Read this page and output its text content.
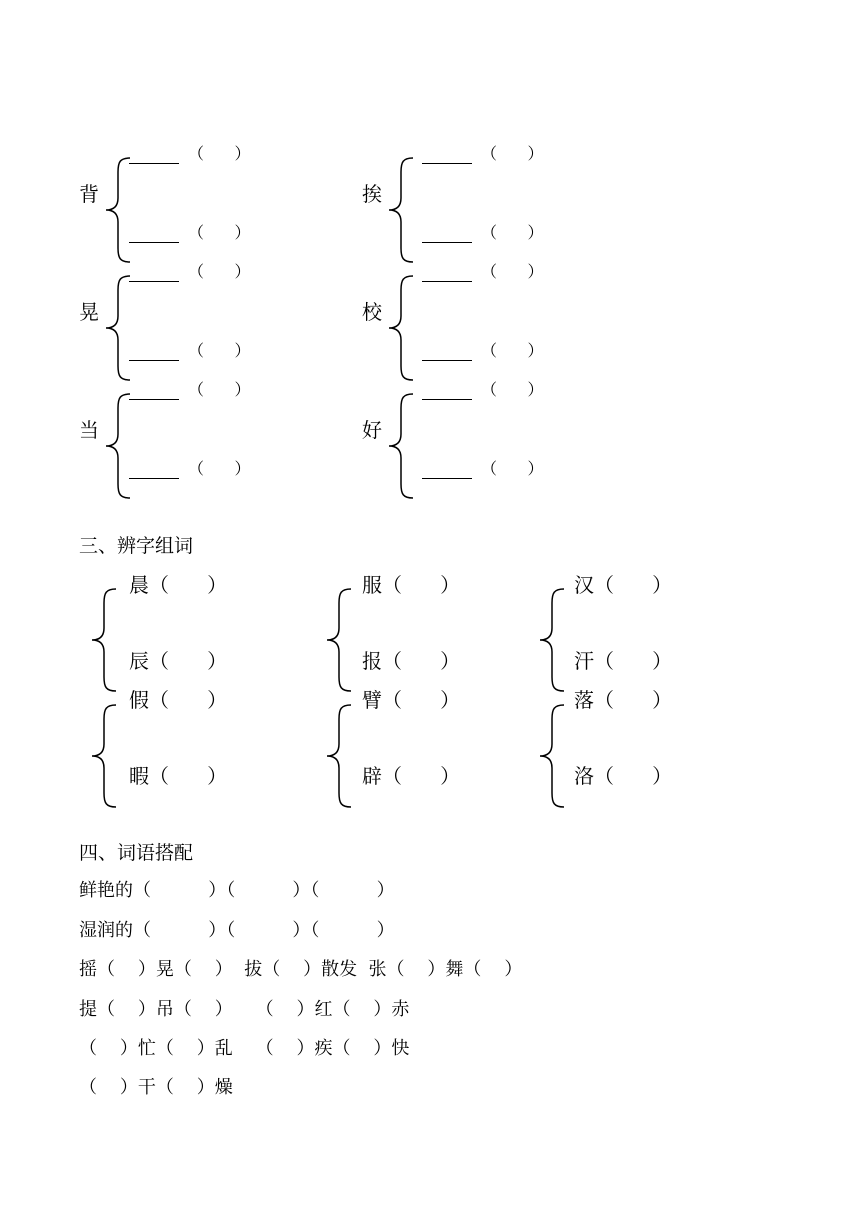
背
（      ）
（      ）
挨
（      ）
（      ）
晃
（      ）
（      ）
校
（      ）
（      ）
当
（      ）
（      ）
好
（      ）
（      ）
三、辨字组词
晨（      ）
辰（      ）
服（      ）
报（      ）
汉（      ）
汗（      ）
假（      ）
暇（      ）
臂（      ）
辟（      ）
落（      ）
洛（      ）
四、词语搭配
鲜艳的（          ）（          ）（          ）
湿润的（          ）（          ）（          ）
摇（    ）晃（    ）  拔（    ）散发  张（    ）舞（    ）
提（    ）吊（    ）    （    ）红（    ）赤
（    ）忙（    ）乱    （    ）疾（    ）快
（    ）干（    ）燥
